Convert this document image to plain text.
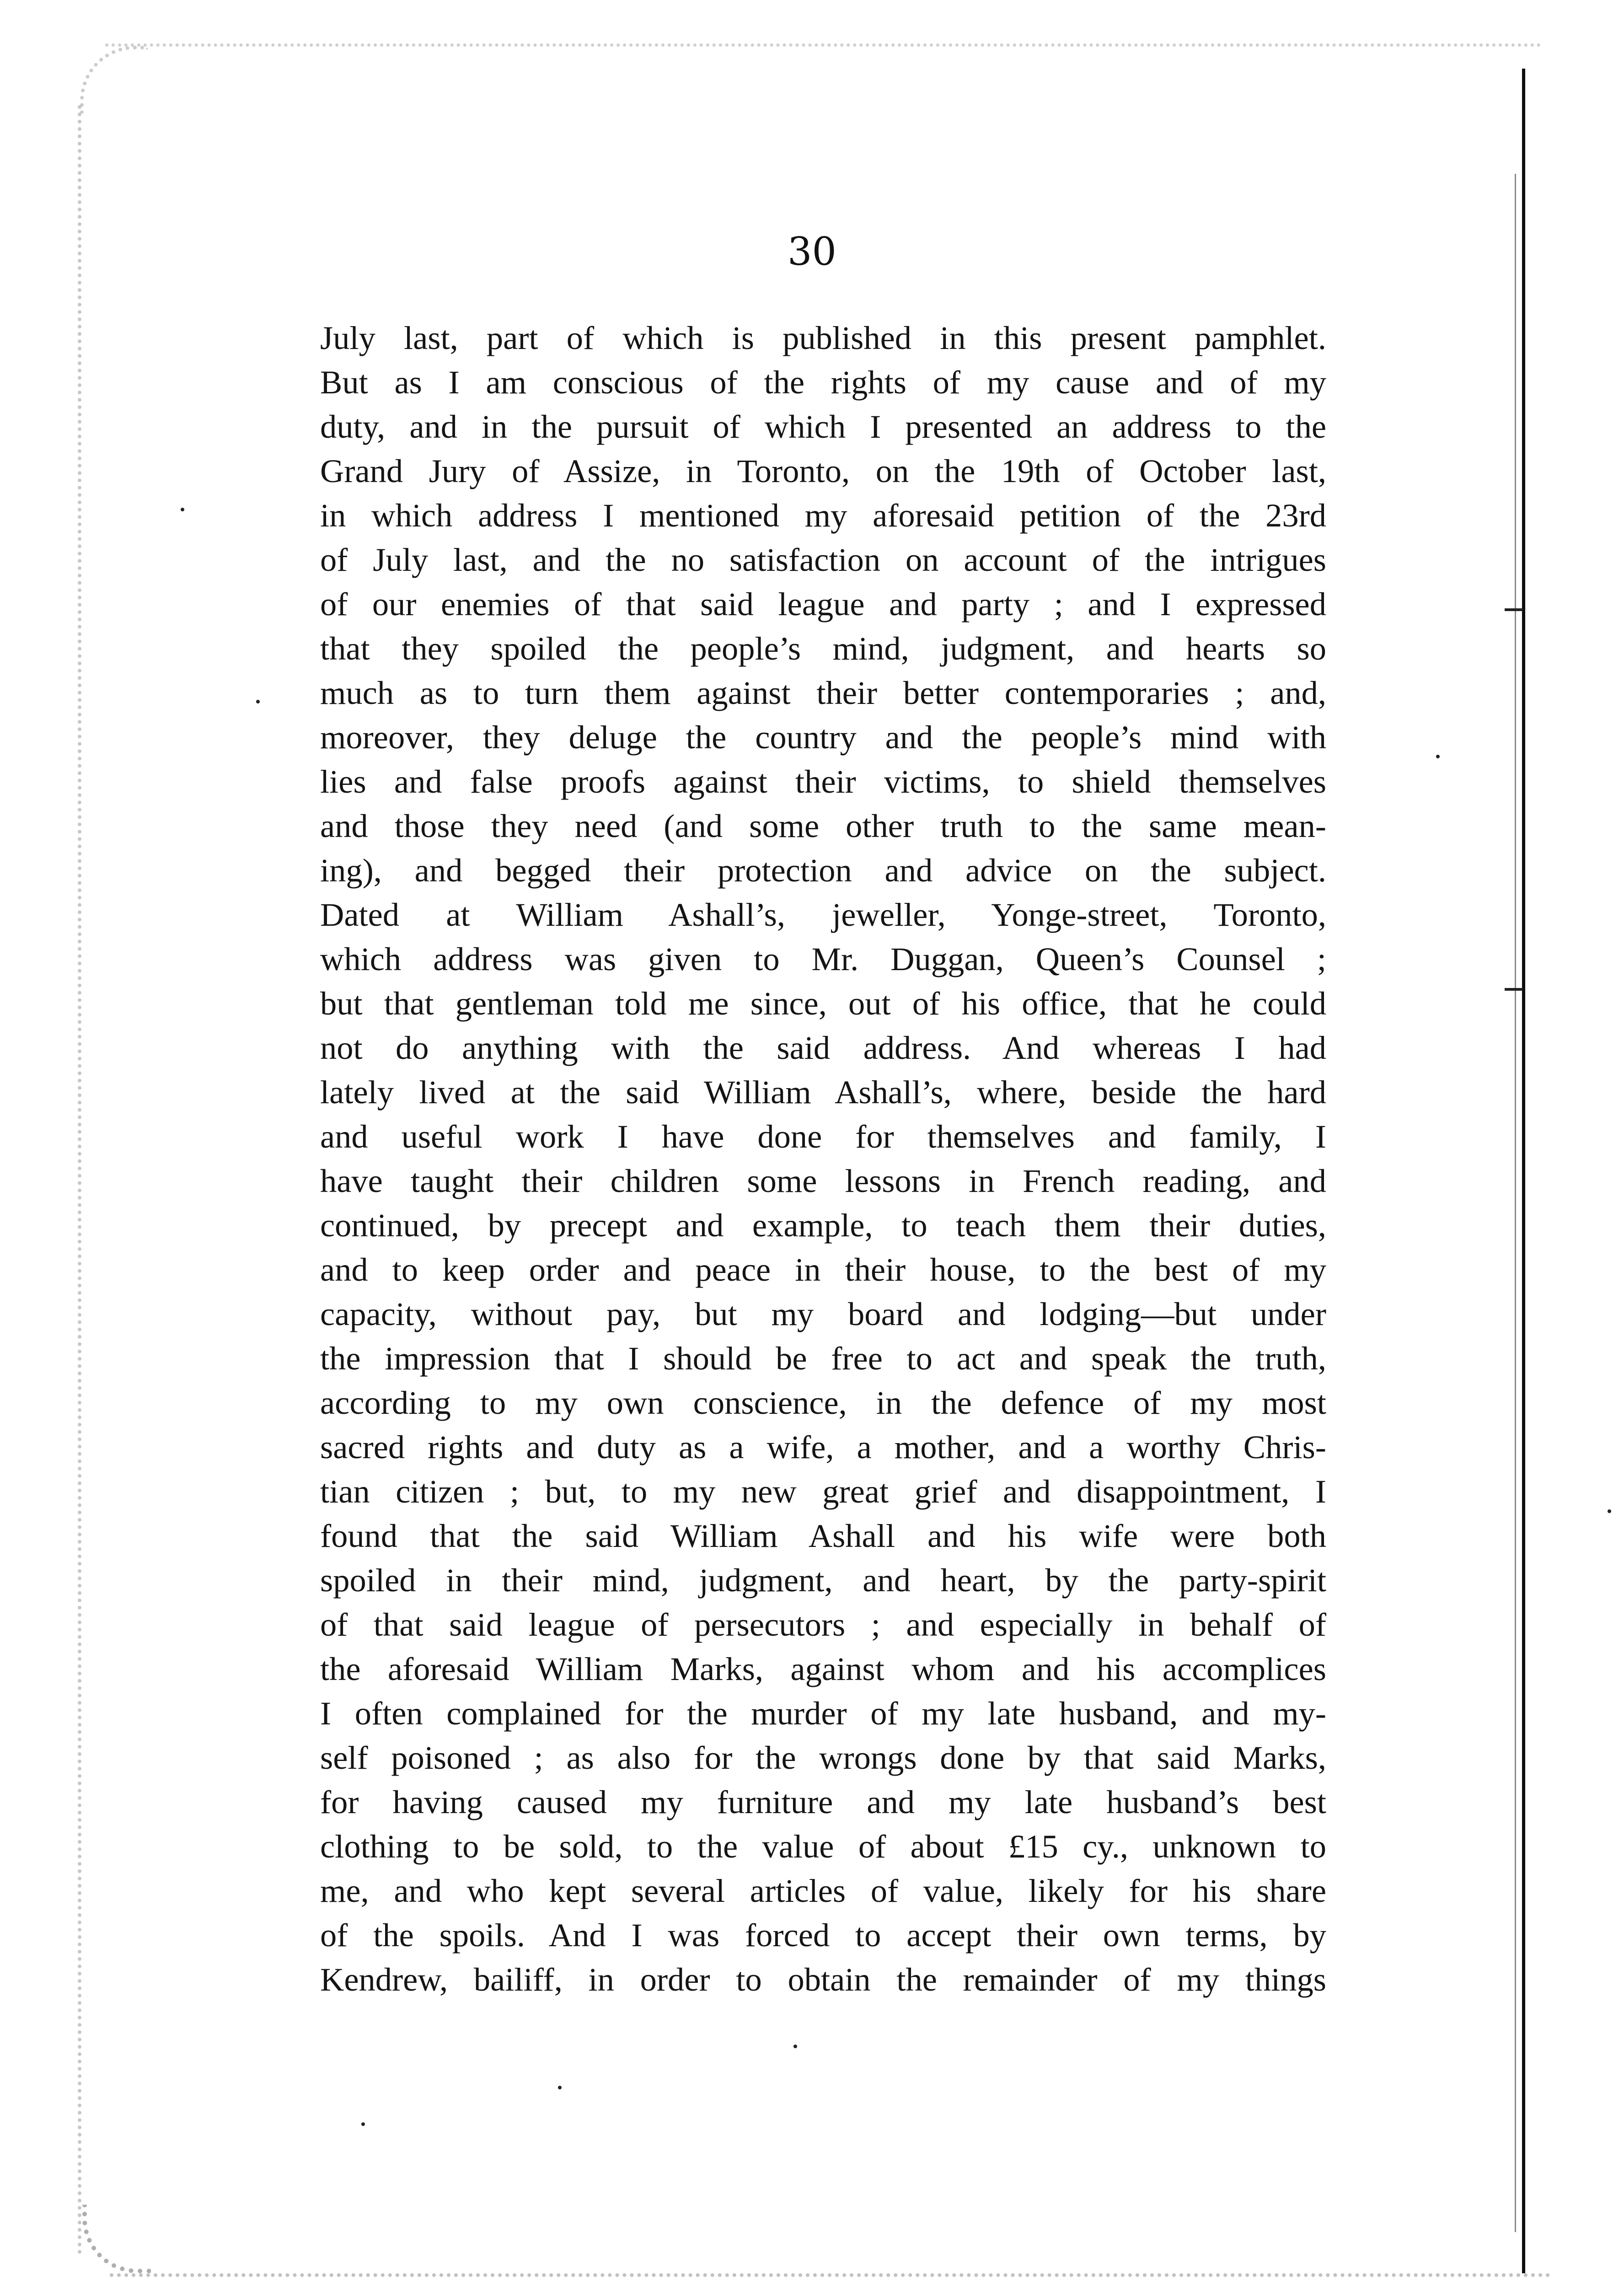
30
July last, part of which is published in this present pamphlet.
But as I am conscious of the rights of my cause and of my
duty, and in the pursuit of which I presented an address to the
Grand Jury of Assize, in Toronto, on the 19th of October last,
in which address I mentioned my aforesaid petition of the 23rd
of July last, and the no satisfaction on account of the intrigues
of our enemies of that said league and party ; and I expressed
that they spoiled the people’s mind, judgment, and hearts so
much as to turn them against their better contemporaries ; and,
moreover, they deluge the country and the people’s mind with
lies and false proofs against their victims, to shield themselves
and those they need (and some other truth to the same mean-
ing), and begged their protection and advice on the subject.
Dated at William Ashall’s, jeweller, Yonge-street, Toronto,
which address was given to Mr. Duggan, Queen’s Counsel ;
but that gentleman told me since, out of his office, that he could
not do anything with the said address. And whereas I had
lately lived at the said William Ashall’s, where, beside the hard
and useful work I have done for themselves and family, I
have taught their children some lessons in French reading, and
continued, by precept and example, to teach them their duties,
and to keep order and peace in their house, to the best of my
capacity, without pay, but my board and lodging—but under
the impression that I should be free to act and speak the truth,
according to my own conscience, in the defence of my most
sacred rights and duty as a wife, a mother, and a worthy Chris-
tian citizen ; but, to my new great grief and disappointment, I
found that the said William Ashall and his wife were both
spoiled in their mind, judgment, and heart, by the party-spirit
of that said league of persecutors ; and especially in behalf of
the aforesaid William Marks, against whom and his accomplices
I often complained for the murder of my late husband, and my-
self poisoned ; as also for the wrongs done by that said Marks,
for having caused my furniture and my late husband’s best
clothing to be sold, to the value of about £15 cy., unknown to
me, and who kept several articles of value, likely for his share
of the spoils. And I was forced to accept their own terms, by
Kendrew, bailiff, in order to obtain the remainder of my things
